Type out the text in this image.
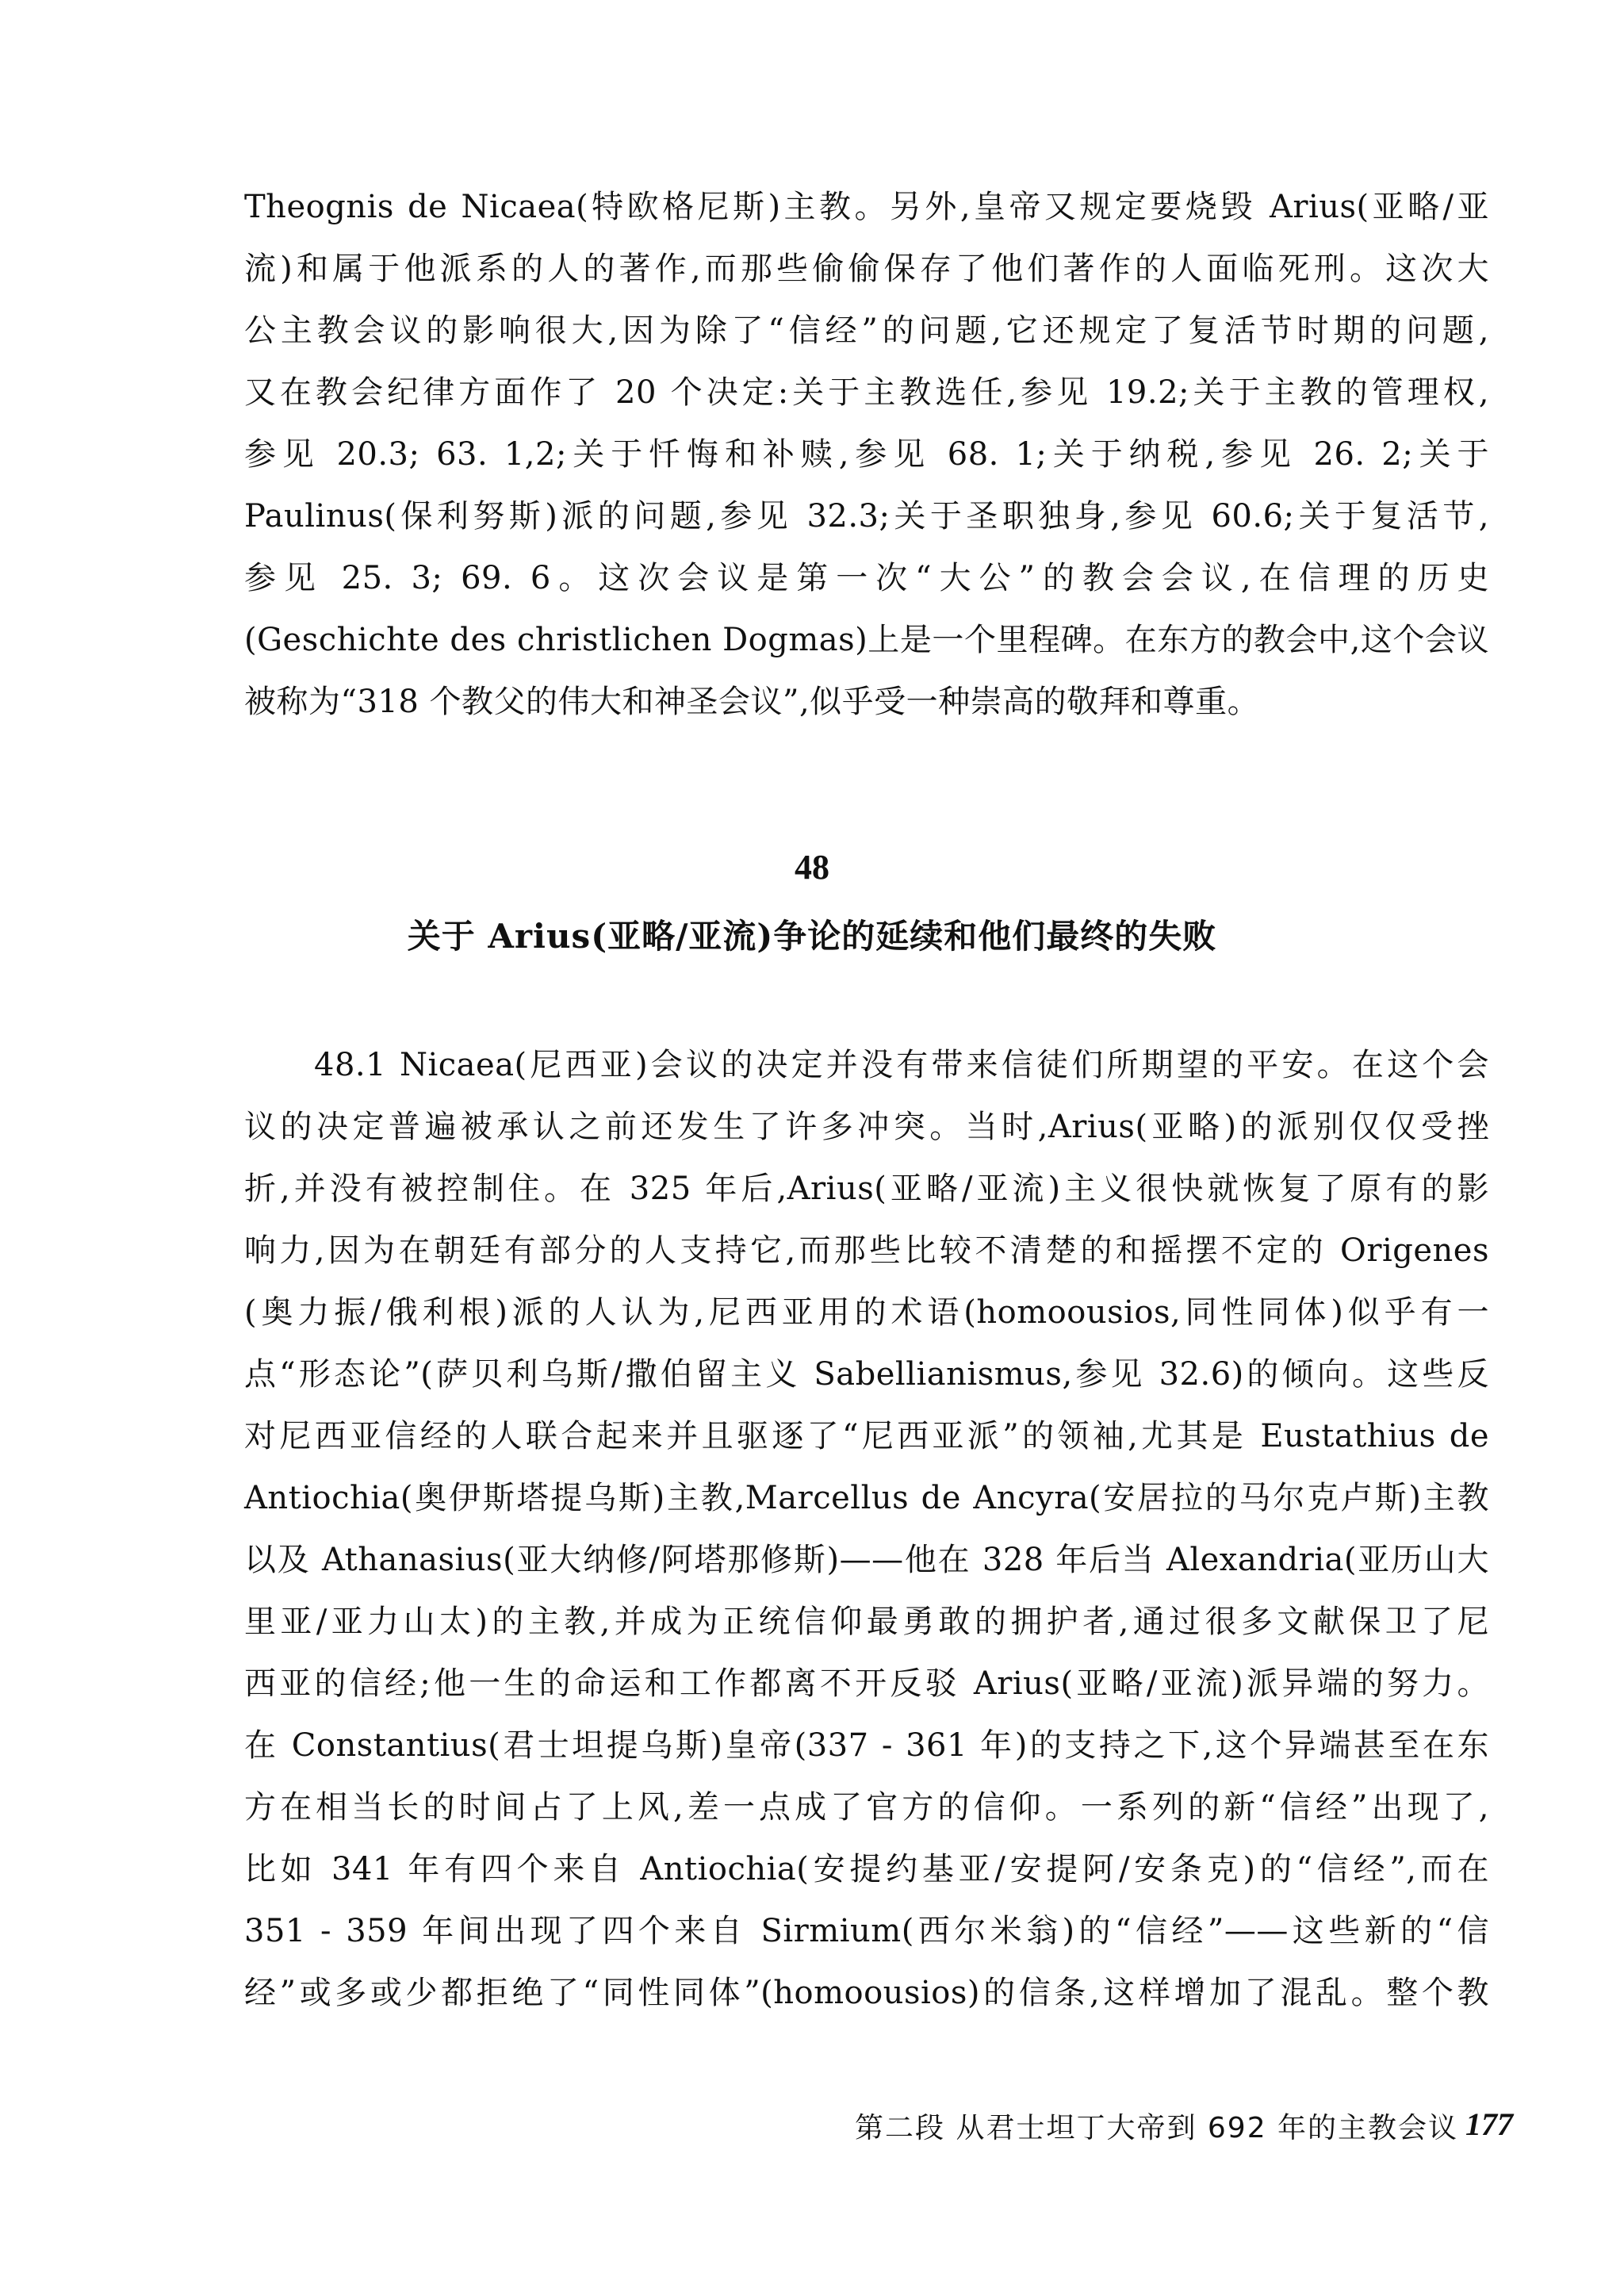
Theognis de Nicaea(特欧格尼斯)主教。另外,皇帝又规定要烧毁 Arius(亚略/亚
流)和属于他派系的人的著作,而那些偷偷保存了他们著作的人面临死刑。这次大
公主教会议的影响很大,因为除了“信经”的问题,它还规定了复活节时期的问题,
又在教会纪律方面作了 20 个决定:关于主教选任,参见 19.2;关于主教的管理权,
参见 20.3; 63. 1,2;关于忏悔和补赎,参见 68. 1;关于纳税,参见 26. 2;关于
Paulinus(保利努斯)派的问题,参见 32.3;关于圣职独身,参见 60.6;关于复活节,
参见 25. 3; 69. 6。这次会议是第一次“大公”的教会会议,在信理的历史
(Geschichte des christlichen Dogmas)上是一个里程碑。在东方的教会中,这个会议
被称为“318 个教父的伟大和神圣会议”,似乎受一种崇高的敬拜和尊重。
48
关于 Arius(亚略/亚流)争论的延续和他们最终的失败
48.1 Nicaea(尼西亚)会议的决定并没有带来信徒们所期望的平安。在这个会
议的决定普遍被承认之前还发生了许多冲突。当时,Arius(亚略)的派别仅仅受挫
折,并没有被控制住。在 325 年后,Arius(亚略/亚流)主义很快就恢复了原有的影
响力,因为在朝廷有部分的人支持它,而那些比较不清楚的和摇摆不定的 Origenes
(奥力振/俄利根)派的人认为,尼西亚用的术语(homoousios,同性同体)似乎有一
点“形态论”(萨贝利乌斯/撒伯留主义 Sabellianismus,参见 32.6)的倾向。这些反
对尼西亚信经的人联合起来并且驱逐了“尼西亚派”的领袖,尤其是 Eustathius de
Antiochia(奥伊斯塔提乌斯)主教,Marcellus de Ancyra(安居拉的马尔克卢斯)主教
以及 Athanasius(亚大纳修/阿塔那修斯)——他在 328 年后当 Alexandria(亚历山大
里亚/亚力山太)的主教,并成为正统信仰最勇敢的拥护者,通过很多文献保卫了尼
西亚的信经;他一生的命运和工作都离不开反驳 Arius(亚略/亚流)派异端的努力。
在 Constantius(君士坦提乌斯)皇帝(337 - 361 年)的支持之下,这个异端甚至在东
方在相当长的时间占了上风,差一点成了官方的信仰。一系列的新“信经”出现了,
比如 341 年有四个来自 Antiochia(安提约基亚/安提阿/安条克)的“信经”,而在
351 - 359 年间出现了四个来自 Sirmium(西尔米翁)的“信经”——这些新的“信
经”或多或少都拒绝了“同性同体”(homoousios)的信条,这样增加了混乱。整个教
第二段 从君士坦丁大帝到 692 年的主教会议 177
